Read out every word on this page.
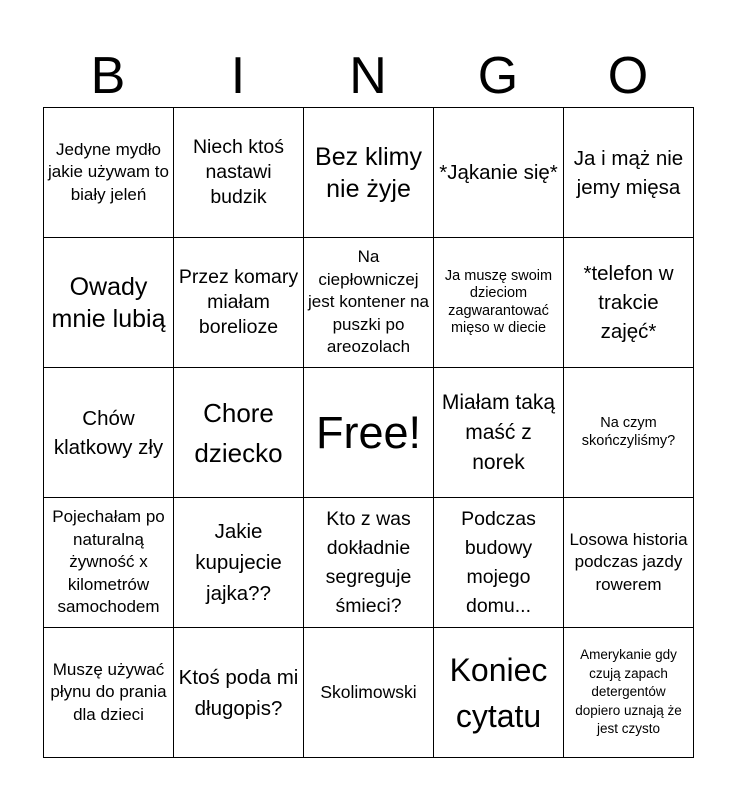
B	I	N	G	O
Jedyne mydło jakie używam to biały jeleń	Niech ktoś nastawi budzik	Bez klimy nie żyje	*Jąkanie się*	Ja i mąż nie jemy mięsa
Owady mnie lubią	Przez komary miałam borelioze	Na ciepłowniczej jest kontener na puszki po areozolach	Ja muszę swoim dzieciom zagwarantować mięso w diecie	*telefon w trakcie zajęć*
Chów klatkowy zły	Chore dziecko	Free!	Miałam taką maść z norek	Na czym skończyliśmy?
Pojechałam po naturalną żywność x kilometrów samochodem	Jakie kupujecie jajka??	Kto z was dokładnie segreguje śmieci?	Podczas budowy mojego domu...	Losowa historia podczas jazdy rowerem
Muszę używać płynu do prania dla dzieci	Ktoś poda mi długopis?	Skolimowski	Koniec cytatu	Amerykanie gdy czują zapach detergentów dopiero uznają że jest czysto
